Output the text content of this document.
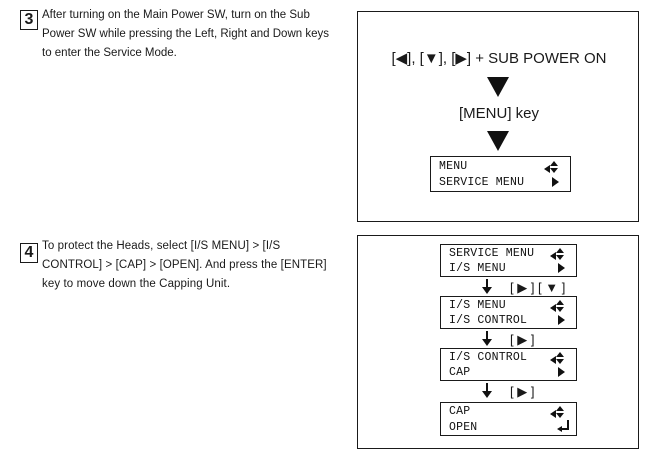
3 After turning on the Main Power SW, turn on the Sub
Power SW while pressing the Left, Right and Down keys
to enter the Service Mode.	[◀], [▼], [▶] + SUB POWER ON
[MENU] key
MENU
SERVICE MENU
4 To protect the Heads, select [I/S MENU] > [I/S
CONTROL] > [CAP] > [OPEN]. And press the [ENTER]
key to move down the Capping Unit.
SERVICE MENU
I/S MENU
[ ▶ ] [ ▼ ]
I/S MENU
I/S CONTROL
[ ▶ ]
I/S CONTROL
CAP
[ ▶ ]
CAP
OPEN
